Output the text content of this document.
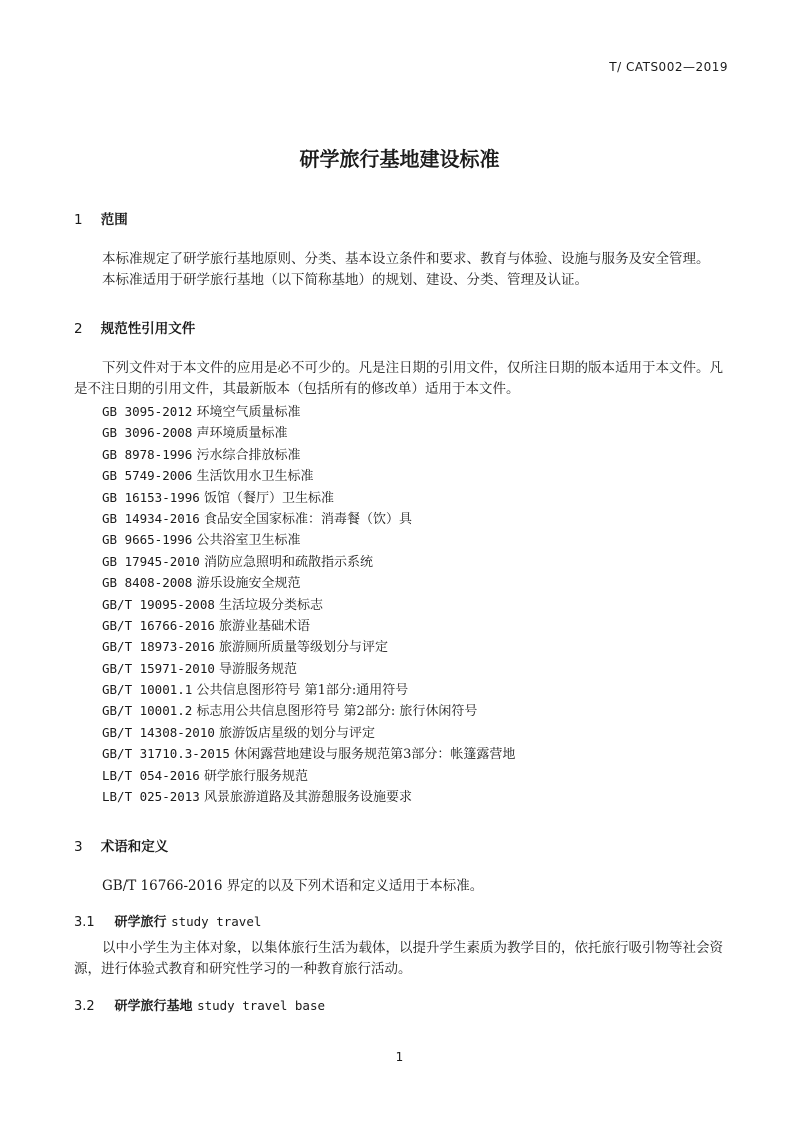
T/ CATS002—2019
研学旅行基地建设标准
1 范围

本标准规定了研学旅行基地原则、分类、基本设立条件和要求、教育与体验、设施与服务及安全管理。

本标准适用于研学旅行基地（以下简称基地）的规划、建设、分类、管理及认证。

2 规范性引用文件

下列文件对于本文件的应用是必不可少的。凡是注日期的引用文件，仅所注日期的版本适用于本文件。凡是不注日期的引用文件，其最新版本（包括所有的修改单）适用于本文件。

GB 3095-2012 环境空气质量标准
GB 3096-2008 声环境质量标准
GB 8978-1996 污水综合排放标准
GB 5749-2006 生活饮用水卫生标准
GB 16153-1996 饭馆（餐厅）卫生标准
GB 14934-2016 食品安全国家标准：消毒餐（饮）具
GB 9665-1996 公共浴室卫生标准
GB 17945-2010 消防应急照明和疏散指示系统
GB 8408-2008 游乐设施安全规范
GB/T 19095-2008 生活垃圾分类标志
GB/T 16766-2016 旅游业基础术语
GB/T 18973-2016 旅游厕所质量等级划分与评定
GB/T 15971-2010 导游服务规范
GB/T 10001.1 公共信息图形符号 第1部分:通用符号
GB/T 10001.2 标志用公共信息图形符号 第2部分: 旅行休闲符号
GB/T 14308-2010 旅游饭店星级的划分与评定
GB/T 31710.3-2015 休闲露营地建设与服务规范第3部分：帐篷露营地
LB/T 054-2016 研学旅行服务规范
LB/T 025-2013 风景旅游道路及其游憩服务设施要求
3 术语和定义

GB/T 16766-2016 界定的以及下列术语和定义适用于本标准。

3.1 研学旅行 study travel

以中小学生为主体对象，以集体旅行生活为载体，以提升学生素质为教学目的，依托旅行吸引物等社会资源，进行体验式教育和研究性学习的一种教育旅行活动。

3.2 研学旅行基地 study travel base
1
